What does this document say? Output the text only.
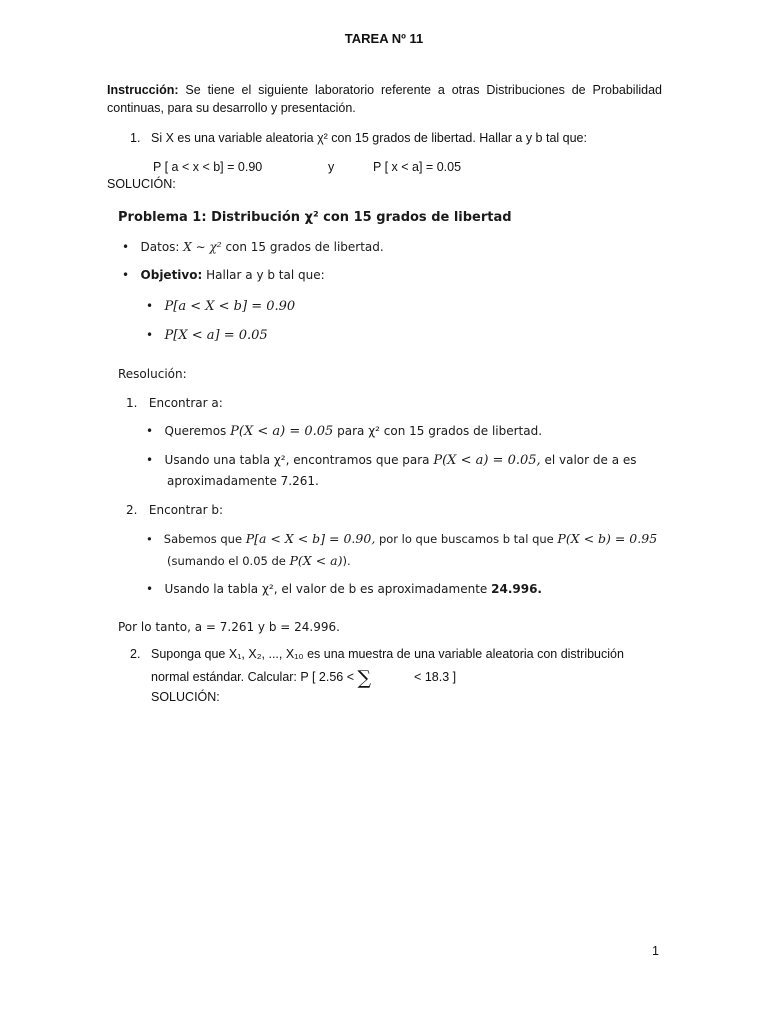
TAREA Nº 11
Instrucción: Se tiene el siguiente laboratorio referente a otras Distribuciones de Probabilidad continuas, para su desarrollo y presentación.
1. Si X es una variable aleatoria χ² con 15 grados de libertad. Hallar a y b tal que:
P [ a < x < b] = 0.90	y	P [ x < a] = 0.05
SOLUCIÓN:
Problema 1: Distribución χ² con 15 grados de libertad
• Datos: X ∼ χ² con 15 grados de libertad.
• Objetivo: Hallar a y b tal que:
• P[a < X < b] = 0.90
• P[X < a] = 0.05
Resolución:
1. Encontrar a:
• Queremos P(X < a) = 0.05 para χ² con 15 grados de libertad.
• Usando una tabla χ², encontramos que para P(X < a) = 0.05, el valor de a es
aproximadamente 7.261.
2. Encontrar b:
• Sabemos que P[a < X < b] = 0.90, por lo que buscamos b tal que P(X < b) = 0.95
(sumando el 0.05 de P(X < a)).
• Usando la tabla χ², el valor de b es aproximadamente 24.996.
Por lo tanto, a = 7.261 y b = 24.996.
2. Suponga que X₁, X₂, ..., X₁₀ es una muestra de una variable aleatoria con distribución
normal estándar. Calcular: P [ 2.56 < ∑	< 18.3 ]
SOLUCIÓN:
1
